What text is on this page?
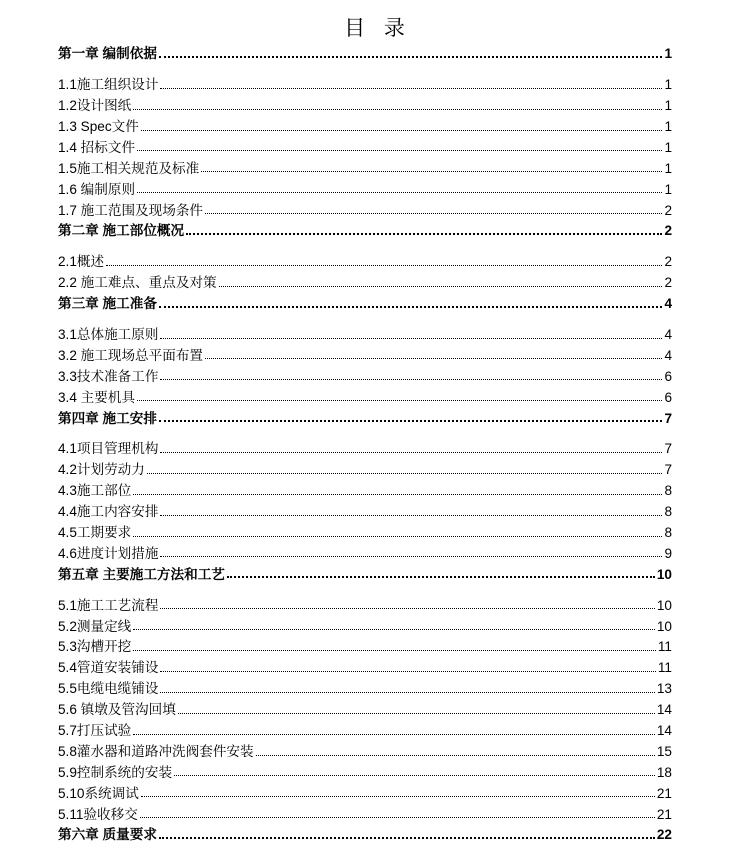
目 录
第一章 编制依据	1
1.1施工组织设计	1
1.2设计图纸	1
1.3 Spec文件	1
1.4 招标文件	1
1.5施工相关规范及标准	1
1.6 编制原则	1
1.7 施工范围及现场条件	2
第二章 施工部位概况	2
2.1概述	2
2.2 施工难点、重点及对策	2
第三章 施工准备	4
3.1总体施工原则	4
3.2 施工现场总平面布置	4
3.3技术准备工作	6
3.4 主要机具	6
第四章 施工安排	7
4.1项目管理机构	7
4.2计划劳动力	7
4.3施工部位	8
4.4施工内容安排	8
4.5工期要求	8
4.6进度计划措施	9
第五章 主要施工方法和工艺	10
5.1施工工艺流程	10
5.2测量定线	10
5.3沟槽开挖	11
5.4管道安装铺设	11
5.5电缆电缆铺设	13
5.6 镇墩及管沟回填	14
5.7打压试验	14
5.8灌水器和道路冲洗阀套件安装	15
5.9控制系统的安装	18
5.10系统调试	21
5.11验收移交	21
第六章 质量要求	22
